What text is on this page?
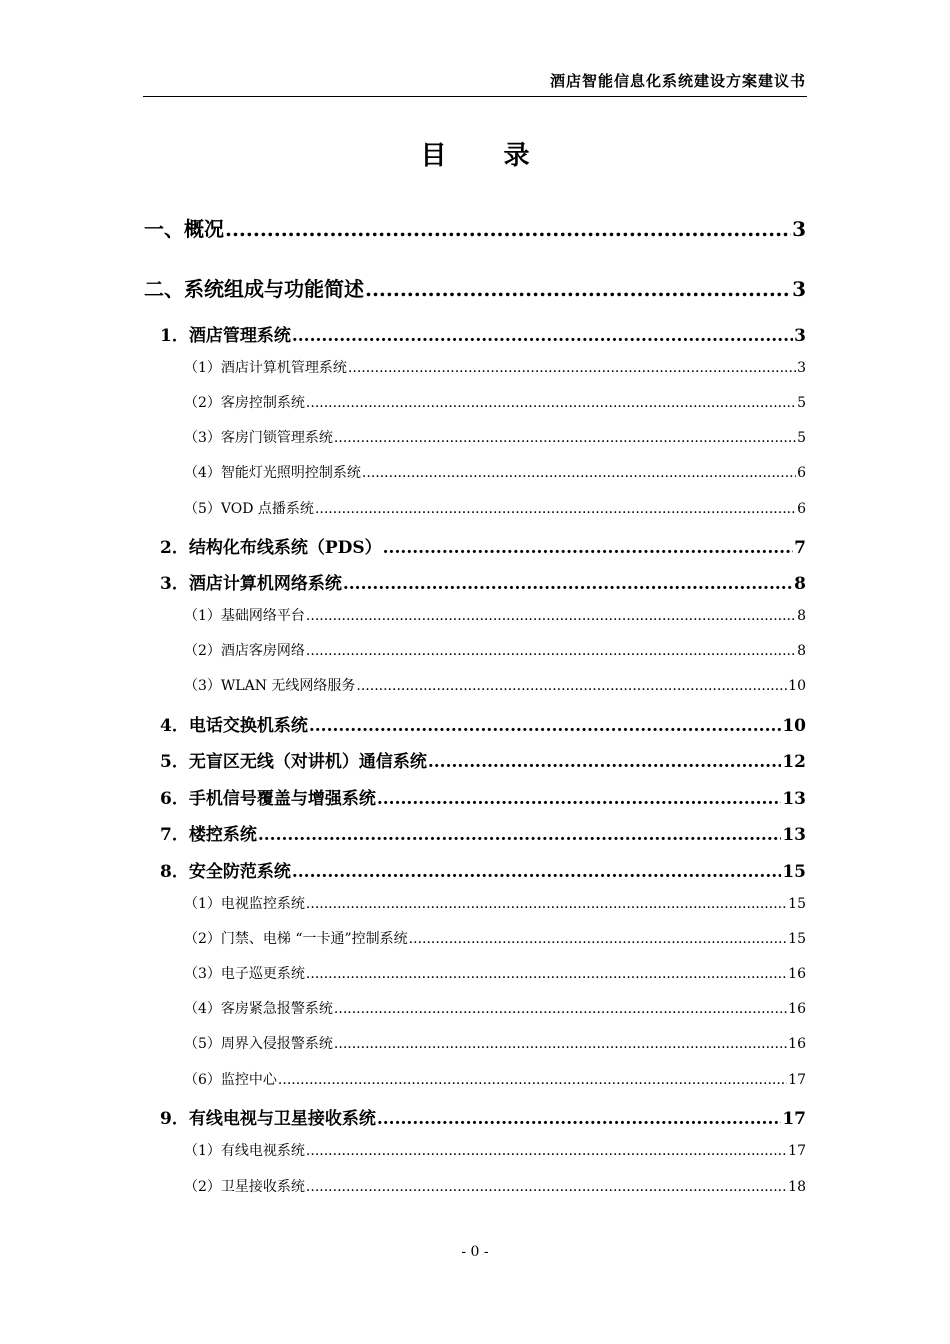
酒店智能信息化系统建设方案建议书
目 录
一、概况 .....	3
二、系统组成与功能简述 .....	3
1．酒店管理系统 .....	3
（1）酒店计算机管理系统 .....	3
（2）客房控制系统 .....	5
（3）客房门锁管理系统 .....	5
（4）智能灯光照明控制系统 .....	6
（5）VOD 点播系统 .....	6
2．结构化布线系统（PDS） .....	7
3．酒店计算机网络系统 .....	8
（1）基础网络平台 .....	8
（2）酒店客房网络 .....	8
（3）WLAN 无线网络服务 .....	10
4．电话交换机系统 .....	10
5．无盲区无线（对讲机）通信系统 .....	12
6．手机信号覆盖与增强系统 .....	13
7．楼控系统 .....	13
8．安全防范系统 .....	15
（1）电视监控系统 .....	15
（2）门禁、电梯 “一卡通”控制系统 .....	15
（3）电子巡更系统 .....	16
（4）客房紧急报警系统 .....	16
（5）周界入侵报警系统 .....	16
（6）监控中心 .....	17
9．有线电视与卫星接收系统 .....	17
（1）有线电视系统 .....	17
（2）卫星接收系统 .....	18
- 0 -
